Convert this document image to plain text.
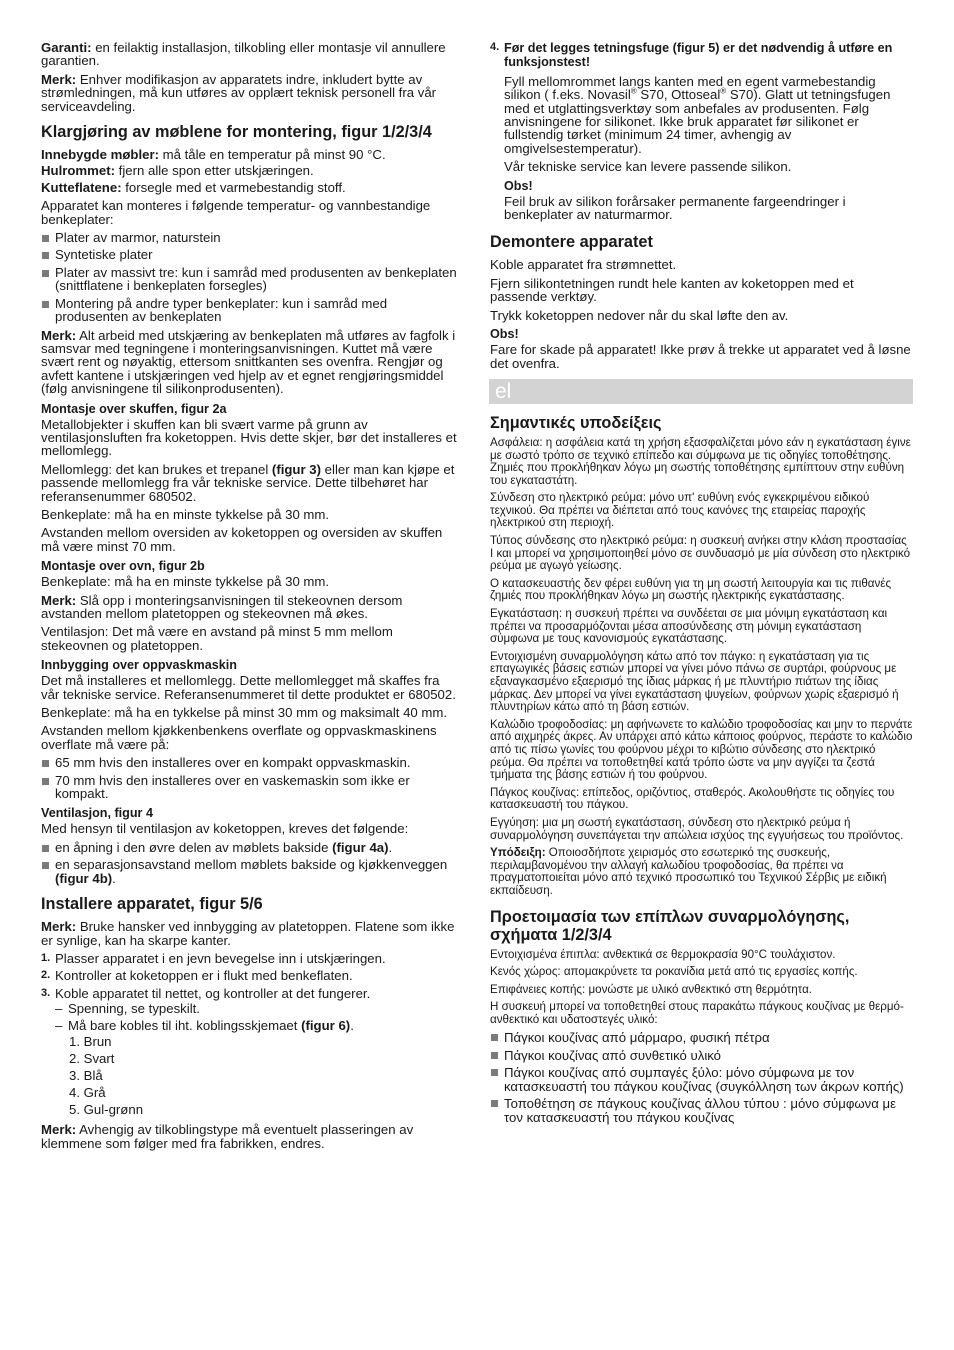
Garanti: en feilaktig installasjon, tilkobling eller montasje vil annullere garantien.

Merk: Enhver modifikasjon av apparatets indre, inkludert bytte av strømledningen, må kun utføres av opplært teknisk personell fra vår serviceavdeling.

Klargjøring av møblene for montering, figur 1/2/3/4

Innebygde møbler: må tåle en temperatur på minst 90 °C.

Hulrommet: fjern alle spon etter utskjæringen.

Kutteflatene: forsegle med et varmebestandig stoff.

Apparatet kan monteres i følgende temperatur- og vannbestandige benkeplater:

Plater av marmor, naturstein
Syntetiske plater
Plater av massivt tre: kun i samråd med produsenten av benkeplaten (snittflatene i benkeplaten forsegles)
Montering på andre typer benkeplater: kun i samråd med produsenten av benkeplaten

Merk: Alt arbeid med utskjæring av benkeplaten må utføres av fagfolk i samsvar med tegningene i monteringsanvisningen. Kuttet må være svært rent og nøyaktig, ettersom snittkanten ses ovenfra. Rengjør og avfett kantene i utskjæringen ved hjelp av et egnet rengjøringsmiddel (følg anvisningene til silikonprodusenten).

Montasje over skuffen, figur 2a

Metallobjekter i skuffen kan bli svært varme på grunn av ventilasjonsluften fra koketoppen. Hvis dette skjer, bør det installeres et mellomlegg.

Mellomlegg: det kan brukes et trepanel (figur 3) eller man kan kjøpe et passende mellomlegg fra vår tekniske service. Dette tilbehøret har referansenummer 680502.

Benkeplate: må ha en minste tykkelse på 30 mm.

Avstanden mellom oversiden av koketoppen og oversiden av skuffen må være minst 70 mm.

Montasje over ovn, figur 2b

Benkeplate: må ha en minste tykkelse på 30 mm.

Merk: Slå opp i monteringsanvisningen til stekeovnen dersom avstanden mellom platetoppen og stekeovnen må økes.

Ventilasjon: Det må være en avstand på minst 5 mm mellom stekeovnen og platetoppen.

Innbygging over oppvaskmaskin

Det må installeres et mellomlegg. Dette mellomlegget må skaffes fra vår tekniske service. Referansenummeret til dette produktet er 680502.

Benkeplate: må ha en tykkelse på minst 30 mm og maksimalt 40 mm.

Avstanden mellom kjøkkenbenkens overflate og oppvaskmaskinens overflate må være på:

65 mm hvis den installeres over en kompakt oppvaskmaskin.
70 mm hvis den installeres over en vaskemaskin som ikke er kompakt.
Ventilasjon, figur 4

Med hensyn til ventilasjon av koketoppen, kreves det følgende:

en åpning i den øvre delen av møblets bakside (figur 4a).
en separasjonsavstand mellom møblets bakside og kjøkkenveggen (figur 4b).
Installere apparatet, figur 5/6

Merk: Bruke hansker ved innbygging av platetoppen. Flatene som ikke er synlige, kan ha skarpe kanter.

1. Plasser apparatet i en jevn bevegelse inn i utskjæringen.
2. Kontroller at koketoppen er i flukt med benkeflaten.
3. Koble apparatet til nettet, og kontroller at det fungerer.
– Spenning, se typeskilt.
– Må bare kobles til iht. koblingsskjemaet (figur 6).
1. Brun
2. Svart
3. Blå
4. Grå
5. Gul-grønn

Merk: Avhengig av tilkoblingstype må eventuelt plasseringen av klemmene som følger med fra fabrikken, endres.

4. Før det legges tetningsfuge (figur 5) er det nødvendig å utføre en funksjonstest!

Fyll mellomrommet langs kanten med en egent varmebestandig silikon ( f.eks. Novasil® S70, Ottoseal® S70). Glatt ut tetningsfugen med et utglattingsverktøy som anbefales av produsenten. Følg anvisningene for silikonet. Ikke bruk apparatet før silikonet er fullstendig tørket (minimum 24 timer, avhengig av omgivelsestemperatur).

Vår tekniske service kan levere passende silikon.

Obs!

Feil bruk av silikon forårsaker permanente fargeendringer i benkeplater av naturmarmor.

Demontere apparatet

Koble apparatet fra strømnettet.

Fjern silikontetningen rundt hele kanten av koketoppen med et passende verktøy.

Trykk koketoppen nedover når du skal løfte den av.

Obs!

Fare for skade på apparatet! Ikke prøv å trekke ut apparatet ved å løsne det ovenfra.

el
Σημαντικές υποδείξεις

Ασφάλεια: η ασφάλεια κατά τη χρήση εξασφαλίζεται μόνο εάν η εγκατάσταση έγινε με σωστό τρόπο σε τεχνικό επίπεδο και σύμφωνα με τις οδηγίες τοποθέτησης. Ζημιές που προκλήθηκαν λόγω μη σωστής τοποθέτησης εμπίπτουν στην ευθύνη του εγκαταστάτη.

Σύνδεση στο ηλεκτρικό ρεύμα: μόνο υπ' ευθύνη ενός εγκεκριμένου ειδικού τεχνικού. Θα πρέπει να διέπεται από τους κανόνες της εταιρείας παροχής ηλεκτρικού στη περιοχή.

Τύπος σύνδεσης στο ηλεκτρικό ρεύμα: η συσκευή ανήκει στην κλάση προστασίας I και μπορεί να χρησιμοποιηθεί μόνο σε συνδυασμό με μία σύνδεση στο ηλεκτρικό ρεύμα με αγωγό γείωσης.

Ο κατασκευαστής δεν φέρει ευθύνη για τη μη σωστή λειτουργία και τις πιθανές ζημιές που προκλήθηκαν λόγω μη σωστής ηλεκτρικής εγκατάστασης.

Εγκατάσταση: η συσκευή πρέπει να συνδέεται σε μια μόνιμη εγκατάσταση και πρέπει να προσαρμόζονται μέσα αποσύνδεσης στη μόνιμη εγκατάσταση σύμφωνα με τους κανονισμούς εγκατάστασης.

Εντοιχισμένη συναρμολόγηση κάτω από τον πάγκο: η εγκατάσταση για τις επαγωγικές βάσεις εστιών μπορεί να γίνει μόνο πάνω σε συρτάρι, φούρνους με εξαναγκασμένο εξαερισμό της ίδιας μάρκας ή με πλυντήριο πιάτων της ίδιας μάρκας. Δεν μπορεί να γίνει εγκατάσταση ψυγείων, φούρνων χωρίς εξαερισμό ή πλυντηρίων κάτω από τη βάση εστιών.

Καλώδιο τροφοδοσίας: μη αφήνωνετε το καλώδιο τροφοδοσίας και μην το περνάτε από αιχμηρές άκρες. Αν υπάρχει από κάτω κάποιος φούρνος, περάστε το καλώδιο από τις πίσω γωνίες του φούρνου μέχρι το κιβώτιο σύνδεσης στο ηλεκτρικό ρεύμα. Θα πρέπει να τοποθετηθεί κατά τρόπο ώστε να μην αγγίζει τα ζεστά τμήματα της βάσης εστιών ή του φούρνου.

Πάγκος κουζίνας: επίπεδος, οριζόντιος, σταθερός. Ακολουθήστε τις οδηγίες του κατασκευαστή του πάγκου.

Εγγύηση: μια μη σωστή εγκατάσταση, σύνδεση στο ηλεκτρικό ρεύμα ή συναρμολόγηση συνεπάγεται την απώλεια ισχύος της εγγυήσεως του προϊόντος.

Υπόδειξη: Οποιοσδήποτε χειρισμός στο εσωτερικό της συσκευής, περιλαμβανομένου την αλλαγή καλωδίου τροφοδοσίας, θα πρέπει να πραγματοποιείται μόνο από τεχνικό προσωπικό του Τεχνικού Σέρβις με ειδική εκπαίδευση.

Προετοιμασία των επίπλων συναρμολόγησης, σχήματα 1/2/3/4

Εντοιχισμένα έπιπλα: ανθεκτικά σε θερμοκρασία 90°C τουλάχιστον.

Κενός χώρος: απομακρύνετε τα ροκανίδια μετά από τις εργασίες κοπής.

Επιφάνειες κοπής: μονώστε με υλικό ανθεκτικό στη θερμότητα.

Η συσκευή μπορεί να τοποθετηθεί στους παρακάτω πάγκους κουζίνας με θερμό-ανθεκτικό και υδατοστεγές υλικό:

Πάγκοι κουζίνας από μάρμαρο, φυσική πέτρα
Πάγκοι κουζίνας από συνθετικό υλικό
Πάγκοι κουζίνας από συμπαγές ξύλο: μόνο σύμφωνα με τον κατασκευαστή του πάγκου κουζίνας (συγκόλληση των άκρων κοπής)
Τοποθέτηση σε πάγκους κουζίνας άλλου τύπου : μόνο σύμφωνα με τον κατασκευαστή του πάγκου κουζίνας
